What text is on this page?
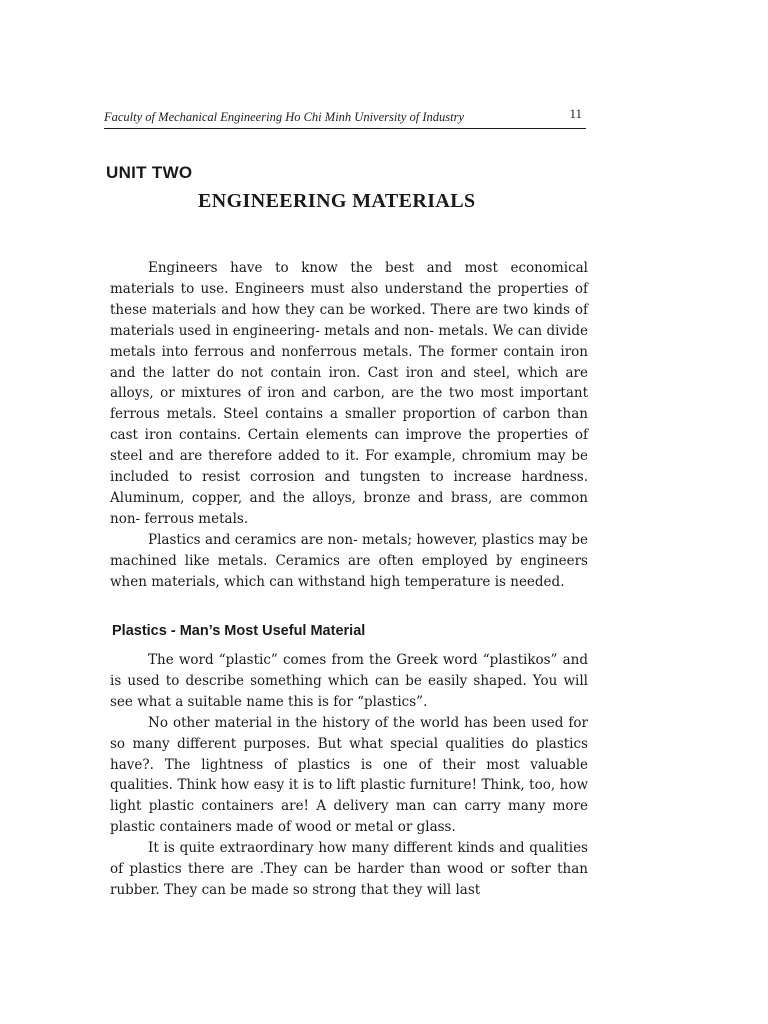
Faculty of Mechanical Engineering Ho Chi Minh University of Industry	11
UNIT TWO
ENGINEERING MATERIALS

Engineers have to know the best and most economical materials to use. Engineers must also understand the properties of these materials and how they can be worked. There are two kinds of materials used in engineering- metals and non- metals. We can divide metals into ferrous and nonferrous metals. The former contain iron and the latter do not contain iron. Cast iron and steel, which are alloys, or mixtures of iron and carbon, are the two most important ferrous metals. Steel contains a smaller proportion of carbon than cast iron contains. Certain elements can improve the properties of steel and are therefore added to it. For example, chromium may be included to resist corrosion and tungsten to increase hardness. Aluminum, copper, and the alloys, bronze and brass, are common non- ferrous metals.

Plastics and ceramics are non- metals; however, plastics may be machined like metals. Ceramics are often employed by engineers when materials, which can withstand high temperature is needed.

Plastics - Man’s Most Useful Material

The word “plastic” comes from the Greek word “plastikos” and is used to describe something which can be easily shaped. You will see what a suitable name this is for “plastics”.

No other material in the history of the world has been used for so many different purposes. But what special qualities do plastics have?. The lightness of plastics is one of their most valuable qualities. Think how easy it is to lift plastic furniture! Think, too, how light plastic containers are! A delivery man can carry many more plastic containers made of wood or metal or glass.

It is quite extraordinary how many different kinds and qualities of plastics there are .They can be harder than wood or softer than rubber. They can be made so strong that they will last
